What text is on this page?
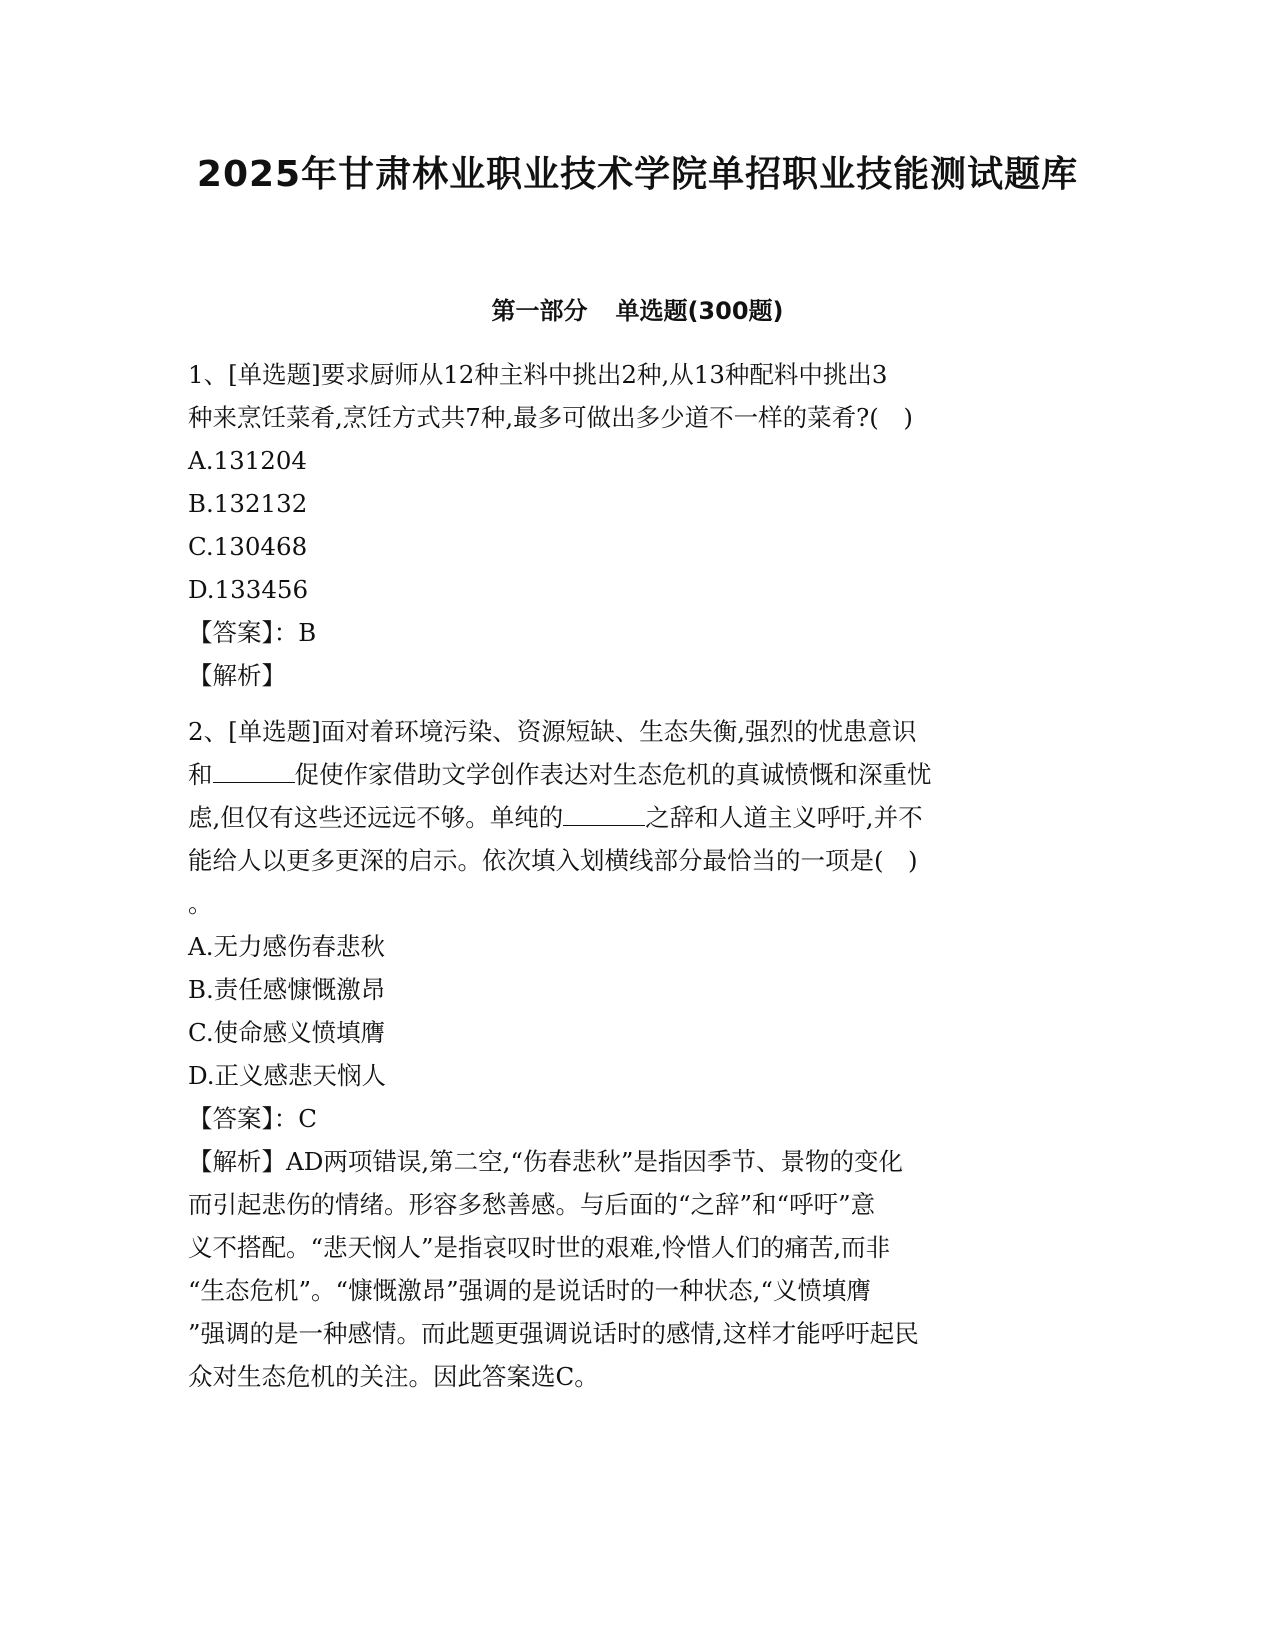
2025年甘肃林业职业技术学院单招职业技能测试题库
第一部分 单选题(300题)
1、[单选题]要求厨师从12种主料中挑出2种,从13种配料中挑出3
种来烹饪菜肴,烹饪方式共7种,最多可做出多少道不一样的菜肴?(　)
A.131204
B.132132
C.130468
D.133456
【答案】：B
【解析】
2、[单选题]面对着环境污染、资源短缺、生态失衡,强烈的忧患意识
和	促使作家借助文学创作表达对生态危机的真诚愤慨和深重忧
虑,但仅有这些还远远不够。单纯的	之辞和人道主义呼吁,并不
能给人以更多更深的启示。依次填入划横线部分最恰当的一项是(　)
。
A.无力感伤春悲秋
B.责任感慷慨激昂
C.使命感义愤填膺
D.正义感悲天悯人
【答案】：C
【解析】AD两项错误,第二空,“伤春悲秋”是指因季节、景物的变化
而引起悲伤的情绪。形容多愁善感。与后面的“之辞”和“呼吁”意
义不搭配。“悲天悯人”是指哀叹时世的艰难,怜惜人们的痛苦,而非
“生态危机”。“慷慨激昂”强调的是说话时的一种状态,“义愤填膺
”强调的是一种感情。而此题更强调说话时的感情,这样才能呼吁起民
众对生态危机的关注。因此答案选C。
